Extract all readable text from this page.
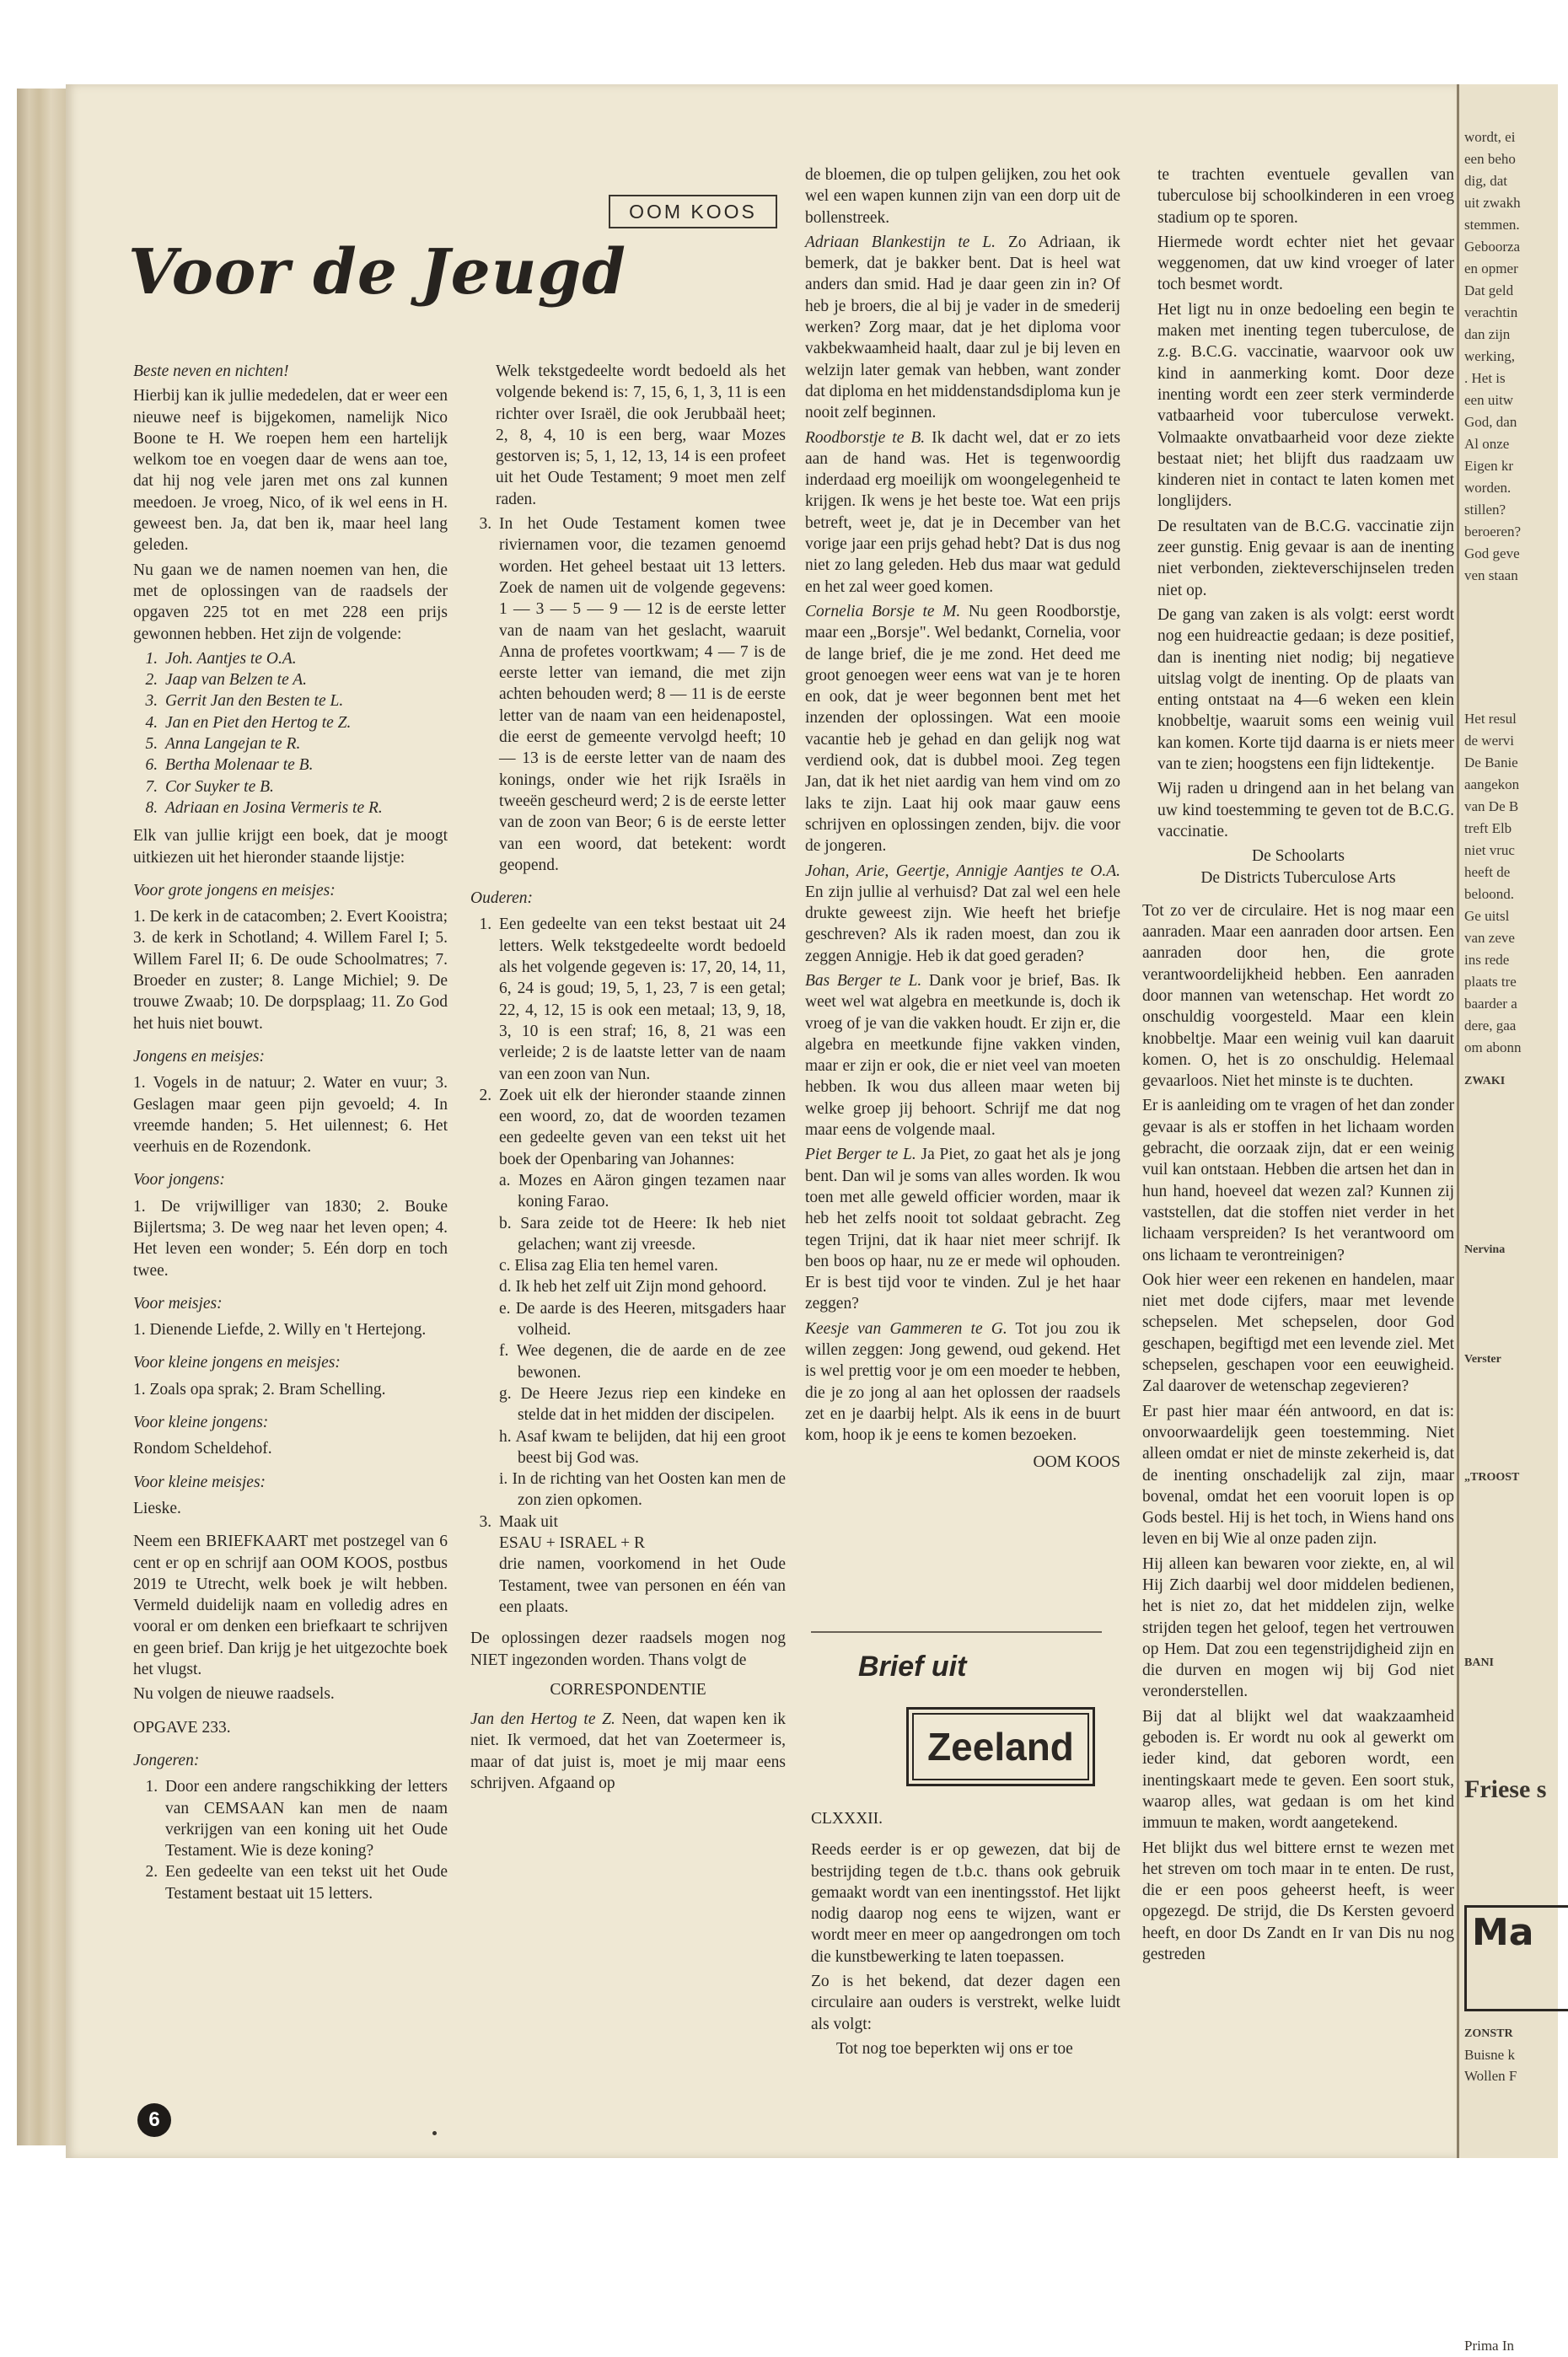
OOM KOOS
Voor de Jeugd

Beste neven en nichten!

Hierbij kan ik jullie mededelen, dat er weer een nieuwe neef is bijgekomen, namelijk Nico Boone te H. We roepen hem een hartelijk welkom toe en voegen daar de wens aan toe, dat hij nog vele jaren met ons zal kunnen meedoen. Je vroeg, Nico, of ik wel eens in H. geweest ben. Ja, dat ben ik, maar heel lang geleden.

Nu gaan we de namen noemen van hen, die met de oplossingen van de raadsels der opgaven 225 tot en met 228 een prijs gewonnen hebben. Het zijn de volgende:

1. Joh. Aantjes te O.A.
2. Jaap van Belzen te A.
3. Gerrit Jan den Besten te L.
4. Jan en Piet den Hertog te Z.
5. Anna Langejan te R.
6. Bertha Molenaar te B.
7. Cor Suyker te B.
8. Adriaan en Josina Vermeris te R.

Elk van jullie krijgt een boek, dat je moogt uitkiezen uit het hieronder staande lijstje:

Voor grote jongens en meisjes:

1. De kerk in de catacomben; 2. Evert Kooistra; 3. de kerk in Schotland; 4. Willem Farel I; 5. Willem Farel II; 6. De oude Schoolmatres; 7. Broeder en zuster; 8. Lange Michiel; 9. De trouwe Zwaab; 10. De dorpsplaag; 11. Zo God het huis niet bouwt.

Jongens en meisjes:

1. Vogels in de natuur; 2. Water en vuur; 3. Geslagen maar geen pijn gevoeld; 4. In vreemde handen; 5. Het uilennest; 6. Het veerhuis en de Rozendonk.

Voor jongens:

1. De vrijwilliger van 1830; 2. Bouke Bijlertsma; 3. De weg naar het leven open; 4. Het leven een wonder; 5. Eén dorp en toch twee.

Voor meisjes:

1. Dienende Liefde, 2. Willy en 't Hertejong.

Voor kleine jongens en meisjes:

1. Zoals opa sprak; 2. Bram Schelling.

Voor kleine jongens:

Rondom Scheldehof.

Voor kleine meisjes:

Lieske.

Neem een BRIEFKAART met postzegel van 6 cent er op en schrijf aan OOM KOOS, postbus 2019 te Utrecht, welk boek je wilt hebben. Vermeld duidelijk naam en volledig adres en vooral er om denken een briefkaart te schrijven en geen brief. Dan krijg je het uitgezochte boek het vlugst.

Nu volgen de nieuwe raadsels.

OPGAVE 233.

Jongeren:

1. Door een andere rangschikking der letters van CEMSAAN kan men de naam verkrijgen van een koning uit het Oude Testament. Wie is deze koning?
2. Een gedeelte van een tekst uit het Oude Testament bestaat uit 15 letters.

Welk tekstgedeelte wordt bedoeld als het volgende bekend is: 7, 15, 6, 1, 3, 11 is een richter over Israël, die ook Jerubbaäl heet; 2, 8, 4, 10 is een berg, waar Mozes gestorven is; 5, 1, 12, 13, 14 is een profeet uit het Oude Testament; 9 moet men zelf raden.

3. In het Oude Testament komen twee riviernamen voor, die tezamen genoemd worden. Het geheel bestaat uit 13 letters. Zoek de namen uit de volgende gegevens: 1 — 3 — 5 — 9 — 12 is de eerste letter van de naam van het geslacht, waaruit Anna de profetes voortkwam; 4 — 7 is de eerste letter van iemand, die met zijn achten behouden werd; 8 — 11 is de eerste letter van de naam van een heidenapostel, die eerst de gemeente vervolgd heeft; 10 — 13 is de eerste letter van de naam des konings, onder wie het rijk Israëls in tweeën gescheurd werd; 2 is de eerste letter van de zoon van Beor; 6 is de eerste letter van een woord, dat betekent: wordt geopend.

Ouderen:

1. Een gedeelte van een tekst bestaat uit 24 letters. Welk tekstgedeelte wordt bedoeld als het volgende gegeven is: 17, 20, 14, 11, 6, 24 is goud; 19, 5, 1, 23, 7 is een getal; 22, 4, 12, 15 is ook een metaal; 13, 9, 18, 3, 10 is een straf; 16, 8, 21 was een verleide; 2 is de laatste letter van de naam van een zoon van Nun.
2. Zoek uit elk der hieronder staande zinnen een woord, zo, dat de woorden tezamen een gedeelte geven van een tekst uit het boek der Openbaring van Johannes:
a. Mozes en Aäron gingen tezamen naar koning Farao.
b. Sara zeide tot de Heere: Ik heb niet gelachen; want zij vreesde.
c. Elisa zag Elia ten hemel varen.
d. Ik heb het zelf uit Zijn mond gehoord.
e. De aarde is des Heeren, mitsgaders haar volheid.
f. Wee degenen, die de aarde en de zee bewonen.
g. De Heere Jezus riep een kindeke en stelde dat in het midden der discipelen.
h. Asaf kwam te belijden, dat hij een groot beest bij God was.
i. In de richting van het Oosten kan men de zon zien opkomen.
3. Maak uit
ESAU + ISRAEL + R
drie namen, voorkomend in het Oude Testament, twee van personen en één van een plaats.

De oplossingen dezer raadsels mogen nog NIET ingezonden worden. Thans volgt de

CORRESPONDENTIE

Jan den Hertog te Z. Neen, dat wapen ken ik niet. Ik vermoed, dat het van Zoetermeer is, maar of dat juist is, moet je mij maar eens schrijven. Afgaand op

de bloemen, die op tulpen gelijken, zou het ook wel een wapen kunnen zijn van een dorp uit de bollenstreek.

Adriaan Blankestijn te L. Zo Adriaan, ik bemerk, dat je bakker bent. Dat is heel wat anders dan smid. Had je daar geen zin in? Of heb je broers, die al bij je vader in de smederij werken? Zorg maar, dat je het diploma voor vakbekwaamheid haalt, daar zul je bij leven en welzijn later gemak van hebben, want zonder dat diploma en het middenstandsdiploma kun je nooit zelf beginnen.

Roodborstje te B. Ik dacht wel, dat er zo iets aan de hand was. Het is tegenwoordig inderdaad erg moeilijk om woongelegenheid te krijgen. Ik wens je het beste toe. Wat een prijs betreft, weet je, dat je in December van het vorige jaar een prijs gehad hebt? Dat is dus nog niet zo lang geleden. Heb dus maar wat geduld en het zal weer goed komen.

Cornelia Borsje te M. Nu geen Roodborstje, maar een „Borsje". Wel bedankt, Cornelia, voor de lange brief, die je me zond. Het deed me groot genoegen weer eens wat van je te horen en ook, dat je weer begonnen bent met het inzenden der oplossingen. Wat een mooie vacantie heb je gehad en dan gelijk nog wat verdiend ook, dat is dubbel mooi. Zeg tegen Jan, dat ik het niet aardig van hem vind om zo laks te zijn. Laat hij ook maar gauw eens schrijven en oplossingen zenden, bijv. die voor de jongeren.

Johan, Arie, Geertje, Annigje Aantjes te O.A. En zijn jullie al verhuisd? Dat zal wel een hele drukte geweest zijn. Wie heeft het briefje geschreven? Als ik raden moest, dan zou ik zeggen Annigje. Heb ik dat goed geraden?

Bas Berger te L. Dank voor je brief, Bas. Ik weet wel wat algebra en meetkunde is, doch ik vroeg of je van die vakken houdt. Er zijn er, die algebra en meetkunde fijne vakken vinden, maar er zijn er ook, die er niet veel van moeten hebben. Ik wou dus alleen maar weten bij welke groep jij behoort. Schrijf me dat nog maar eens de volgende maal.

Piet Berger te L. Ja Piet, zo gaat het als je jong bent. Dan wil je soms van alles worden. Ik wou toen met alle geweld officier worden, maar ik heb het zelfs nooit tot soldaat gebracht. Zeg tegen Trijni, dat ik haar niet meer schrijf. Ik ben boos op haar, nu ze er mede wil ophouden. Er is best tijd voor te vinden. Zul je het haar zeggen?

Keesje van Gammeren te G. Tot jou zou ik willen zeggen: Jong gewend, oud gekend. Het is wel prettig voor je om een moeder te hebben, die je zo jong al aan het oplossen der raadsels zet en je daarbij helpt. Als ik eens in de buurt kom, hoop ik je eens te komen bezoeken.

OOM KOOS

Brief uit
Zeeland

CLXXXII.

Reeds eerder is er op gewezen, dat bij de bestrijding tegen de t.b.c. thans ook gebruik gemaakt wordt van een inentingsstof. Het lijkt nodig daarop nog eens te wijzen, want er wordt meer en meer op aangedrongen om toch die kunstbewerking te laten toepassen.

Zo is het bekend, dat dezer dagen een circulaire aan ouders is verstrekt, welke luidt als volgt:

Tot nog toe beperkten wij ons er toe

te trachten eventuele gevallen van tuberculose bij schoolkinderen in een vroeg stadium op te sporen.

Hiermede wordt echter niet het gevaar weggenomen, dat uw kind vroeger of later toch besmet wordt.

Het ligt nu in onze bedoeling een begin te maken met inenting tegen tuberculose, de z.g. B.C.G. vaccinatie, waarvoor ook uw kind in aanmerking komt. Door deze inenting wordt een zeer sterk verminderde vatbaarheid voor tuberculose verwekt. Volmaakte onvatbaarheid voor deze ziekte bestaat niet; het blijft dus raadzaam uw kinderen niet in contact te laten komen met longlijders.

De resultaten van de B.C.G. vaccinatie zijn zeer gunstig. Enig gevaar is aan de inenting niet verbonden, ziekteverschijnselen treden niet op.

De gang van zaken is als volgt: eerst wordt nog een huidreactie gedaan; is deze positief, dan is inenting niet nodig; bij negatieve uitslag volgt de inenting. Op de plaats van enting ontstaat na 4—6 weken een klein knobbeltje, waaruit soms een weinig vuil kan komen. Korte tijd daarna is er niets meer van te zien; hoogstens een fijn lidtekentje.

Wij raden u dringend aan in het belang van uw kind toestemming te geven tot de B.C.G. vaccinatie.

De Schoolarts

De Districts Tuberculose Arts

Tot zo ver de circulaire. Het is nog maar een aanraden. Maar een aanraden door artsen. Een aanraden door hen, die grote verantwoordelijkheid hebben. Een aanraden door mannen van wetenschap. Het wordt zo onschuldig voorgesteld. Maar een klein knobbeltje. Maar een weinig vuil kan daaruit komen. O, het is zo onschuldig. Helemaal gevaarloos. Niet het minste is te duchten.

Er is aanleiding om te vragen of het dan zonder gevaar is als er stoffen in het lichaam worden gebracht, die oorzaak zijn, dat er een weinig vuil kan ontstaan. Hebben die artsen het dan in hun hand, hoeveel dat wezen zal? Kunnen zij vaststellen, dat die stoffen niet verder in het lichaam verspreiden? Is het verantwoord om ons lichaam te verontreinigen?

Ook hier weer een rekenen en handelen, maar niet met dode cijfers, maar met levende schepselen. Met schepselen, door God geschapen, begiftigd met een levende ziel. Met schepselen, geschapen voor een eeuwigheid. Zal daarover de wetenschap zegevieren?

Er past hier maar één antwoord, en dat is: onvoorwaardelijk geen toestemming. Niet alleen omdat er niet de minste zekerheid is, dat de inenting onschadelijk zal zijn, maar bovenal, omdat het een vooruit lopen is op Gods bestel. Hij is het toch, in Wiens hand ons leven en bij Wie al onze paden zijn.

Hij alleen kan bewaren voor ziekte, en, al wil Hij Zich daarbij wel door middelen bedienen, het is niet zo, dat het middelen zijn, welke strijden tegen het geloof, tegen het vertrouwen op Hem. Dat zou een tegenstrijdigheid zijn en die durven en mogen wij bij God niet veronderstellen.

Bij dat al blijkt wel dat waakzaamheid geboden is. Er wordt nu ook al gewerkt om ieder kind, dat geboren wordt, een inentingskaart mede te geven. Een soort stuk, waarop alles, wat gedaan is om het kind immuun te maken, wordt aangetekend.

Het blijkt dus wel bittere ernst te wezen met het streven om toch maar in te enten. De rust, die er een poos geheerst heeft, is weer opgezegd. De strijd, die Ds Kersten gevoerd heeft, en door Ds Zandt en Ir van Dis nu nog gestreden

wordt, ei
een beho
dig, dat
uit zwakh
stemmen.
Geboorza
en opmer
Dat geld
verachtin
dan zijn
werking,
. Het is
een uitw
God, dan
Al onze
Eigen kr
worden.
stillen?
beroeren?
God geve
ven staan
Het resul
de wervi
De Banie
aangekon
van De B
treft Elb
niet vruc
heeft de
beloond.
Ge uitsl
van zeve
ins rede
plaats tre
baarder a
dere, gaa
om abonn
ZWAKI
Nervina
Verster
„TROOST
BANI
Friese s
Ma
ZONSTR
Buisne k
Wollen F
Prima In
6
